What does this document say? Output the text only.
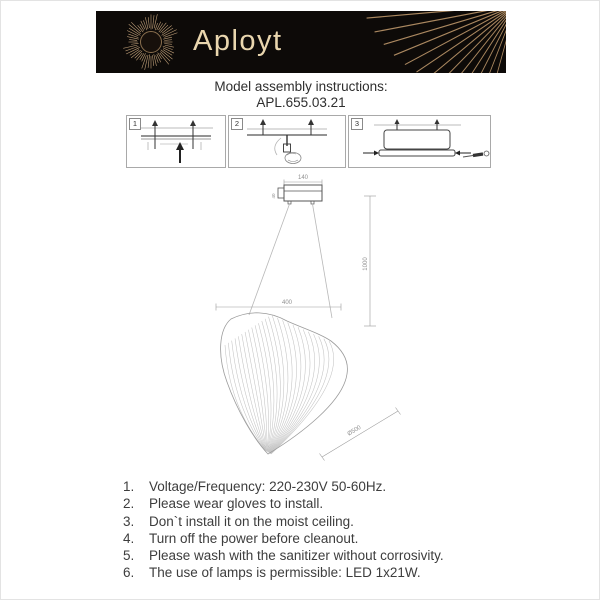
Aployt
Model assembly instructions:
APL.655.03.21
1	2	3
140
40
1000
400
Ø500
1.	Voltage/Frequency: 220-230V 50-60Hz.
2.	Please wear gloves to install.
3.	Don`t install it on the moist ceiling.
4.	Turn off the power before cleanout.
5.	Please wash with the sanitizer without corrosivity.
6.	The use of lamps is permissible: LED 1x21W.
